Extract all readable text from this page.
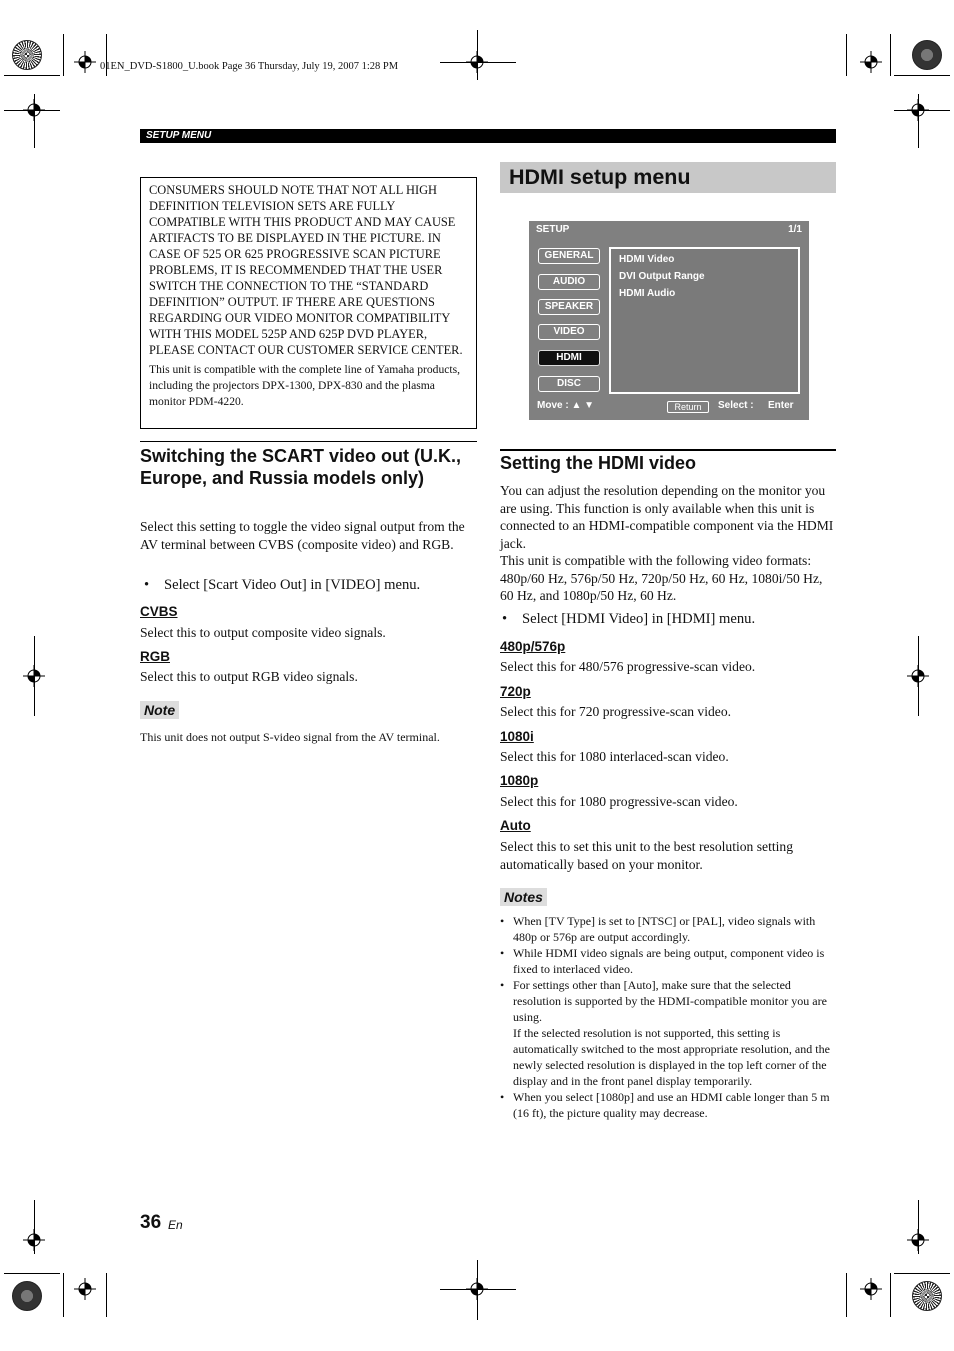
01EN_DVD-S1800_U.book Page 36 Thursday, July 19, 2007 1:28 PM
SETUP MENU

CONSUMERS SHOULD NOTE THAT NOT ALL HIGH DEFINITION TELEVISION SETS ARE FULLY COMPATIBLE WITH THIS PRODUCT AND MAY CAUSE ARTIFACTS TO BE DISPLAYED IN THE PICTURE. IN CASE OF 525 OR 625 PROGRESSIVE SCAN PICTURE PROBLEMS, IT IS RECOMMENDED THAT THE USER SWITCH THE CONNECTION TO THE “STANDARD DEFINITION” OUTPUT. IF THERE ARE QUESTIONS REGARDING OUR VIDEO MONITOR COMPATIBILITY WITH THIS MODEL 525P AND 625P DVD PLAYER, PLEASE CONTACT OUR CUSTOMER SERVICE CENTER.

This unit is compatible with the complete line of Yamaha products, including the projectors DPX-1300, DPX-830 and the plasma monitor PDM-4220.

Switching the SCART video out (U.K., Europe, and Russia models only)
Select this setting to toggle the video signal output from the AV terminal between CVBS (composite video) and RGB.
• Select [Scart Video Out] in [VIDEO] menu.
CVBS
Select this to output composite video signals.
RGB
Select this to output RGB video signals.
Note
This unit does not output S-video signal from the AV terminal.
HDMI setup menu
SETUP	1/1
GENERAL
AUDIO
SPEAKER
VIDEO
HDMI
DISC
HDMI Video
DVI Output Range
HDMI Audio
Move : ▲ ▼	Return	Select : Enter
Setting the HDMI video
You can adjust the resolution depending on the monitor you are using. This function is only available when this unit is connected to an HDMI-compatible component via the HDMI jack.
This unit is compatible with the following video formats: 480p/60 Hz, 576p/50 Hz, 720p/50 Hz, 60 Hz, 1080i/50 Hz, 60 Hz, and 1080p/50 Hz, 60 Hz.
• Select [HDMI Video] in [HDMI] menu.
480p/576p
Select this for 480/576 progressive-scan video.
720p
Select this for 720 progressive-scan video.
1080i
Select this for 1080 interlaced-scan video.
1080p
Select this for 1080 progressive-scan video.
Auto
Select this to set this unit to the best resolution setting automatically based on your monitor.
Notes
• When [TV Type] is set to [NTSC] or [PAL], video signals with 480p or 576p are output accordingly.
• While HDMI video signals are being output, component video is fixed to interlaced video.
• For settings other than [Auto], make sure that the selected resolution is supported by the HDMI-compatible monitor you are using.
If the selected resolution is not supported, this setting is automatically switched to the most appropriate resolution, and the newly selected resolution is displayed in the top left corner of the display and in the front panel display temporarily.
• When you select [1080p] and use an HDMI cable longer than 5 m (16 ft), the picture quality may decrease.
36 En
